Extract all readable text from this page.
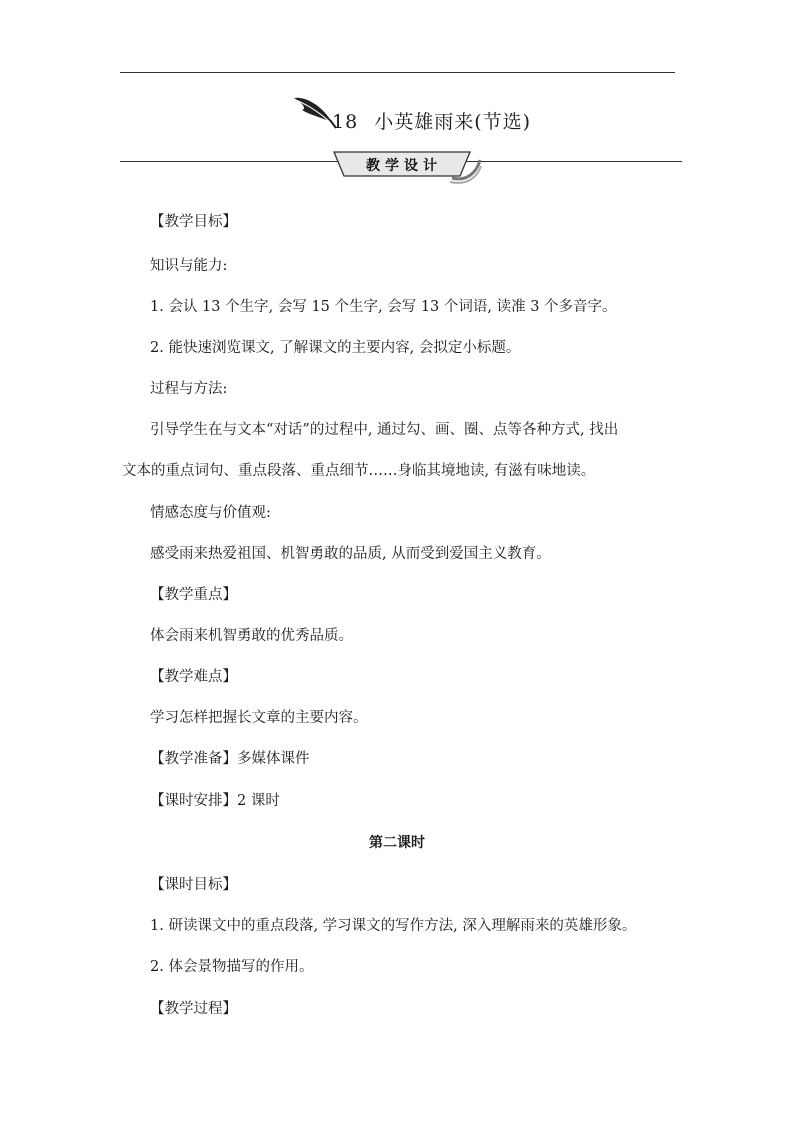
18 小英雄雨来(节选)
教学设计
【教学目标】
知识与能力:
1. 会认 13 个生字, 会写 15 个生字, 会写 13 个词语, 读准 3 个多音字。
2. 能快速浏览课文, 了解课文的主要内容, 会拟定小标题。
过程与方法:
引导学生在与文本“对话”的过程中, 通过勾、画、圈、点等各种方式, 找出
文本的重点词句、重点段落、重点细节……身临其境地读, 有滋有味地读。
情感态度与价值观:
感受雨来热爱祖国、机智勇敢的品质, 从而受到爱国主义教育。
【教学重点】
体会雨来机智勇敢的优秀品质。
【教学难点】
学习怎样把握长文章的主要内容。
【教学准备】多媒体课件
【课时安排】2 课时
第二课时
【课时目标】
1. 研读课文中的重点段落, 学习课文的写作方法, 深入理解雨来的英雄形象。
2. 体会景物描写的作用。
【教学过程】
